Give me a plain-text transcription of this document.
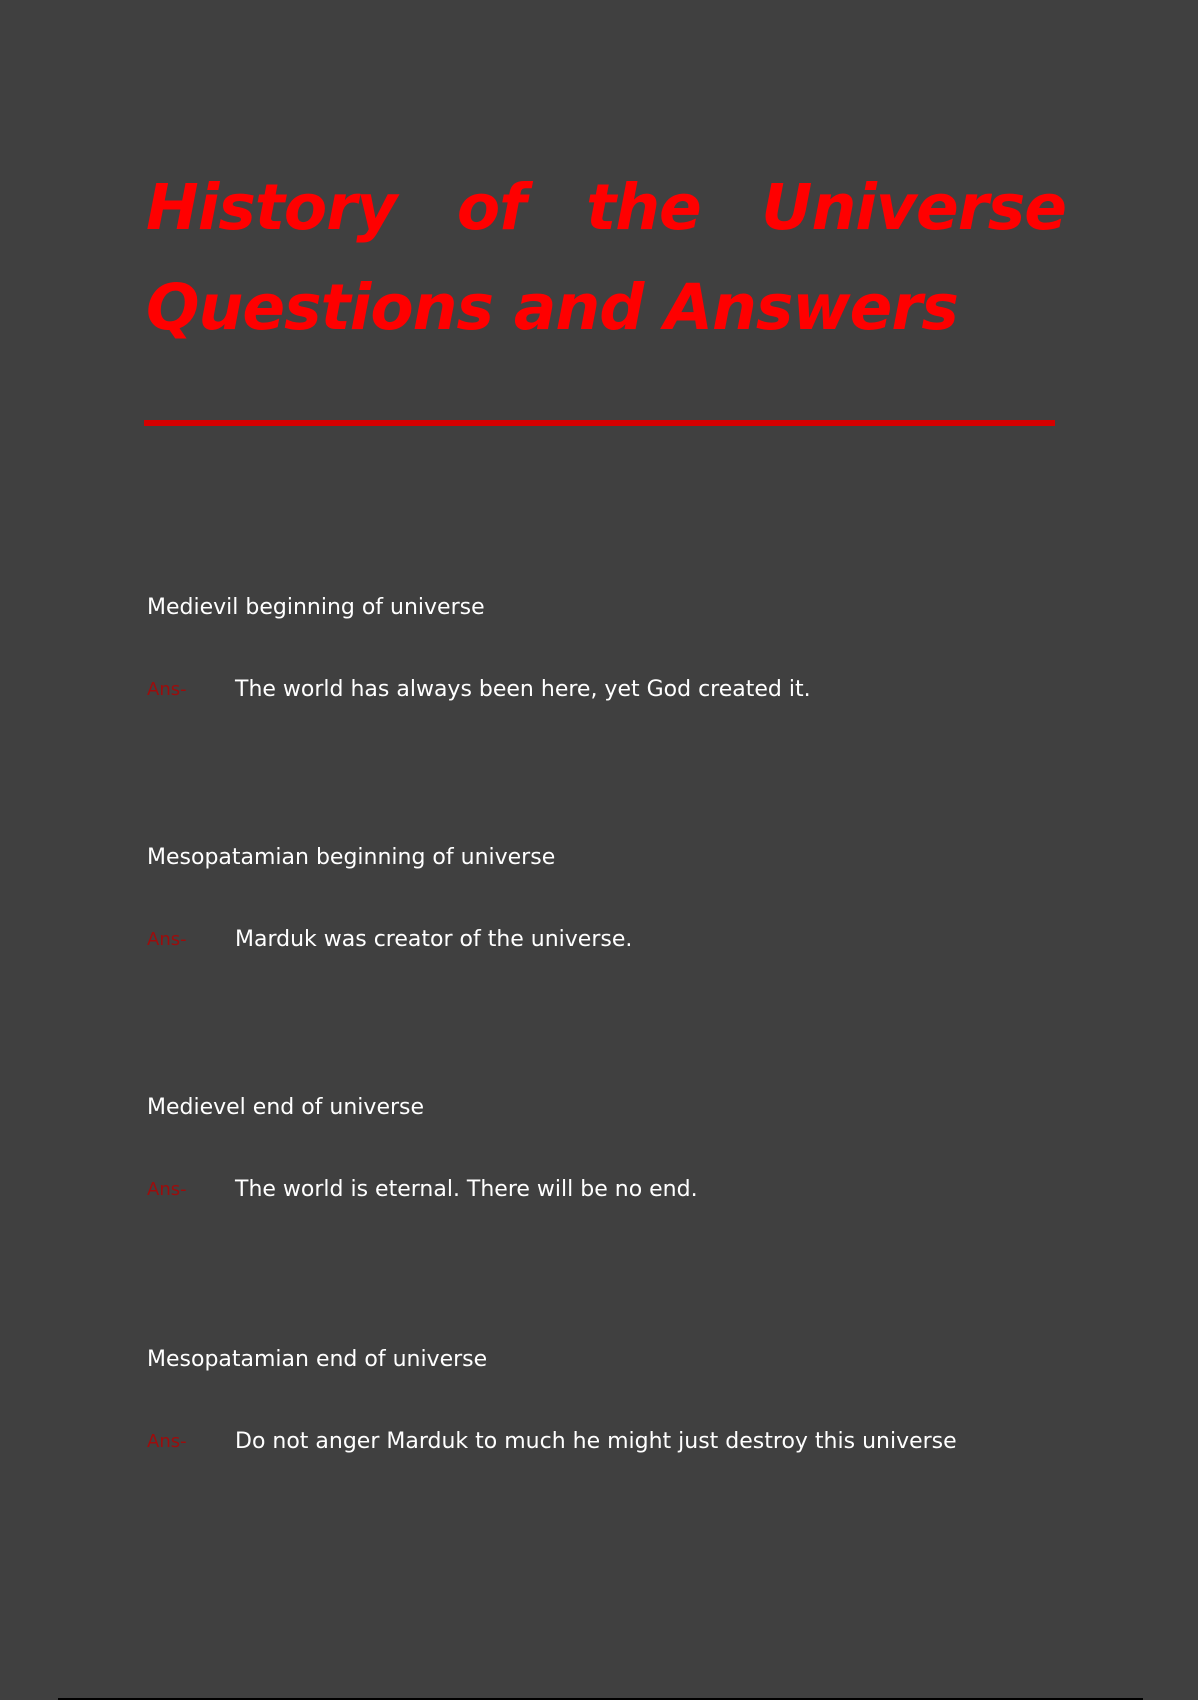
History of the Universe
Questions and Answers

Medievil beginning of universe

Ans- The world has always been here, yet God created it.

Mesopatamian beginning of universe

Ans- Marduk was creator of the universe.

Medievel end of universe

Ans- The world is eternal. There will be no end.

Mesopatamian end of universe

Ans- Do not anger Marduk to much he might just destroy this universe
